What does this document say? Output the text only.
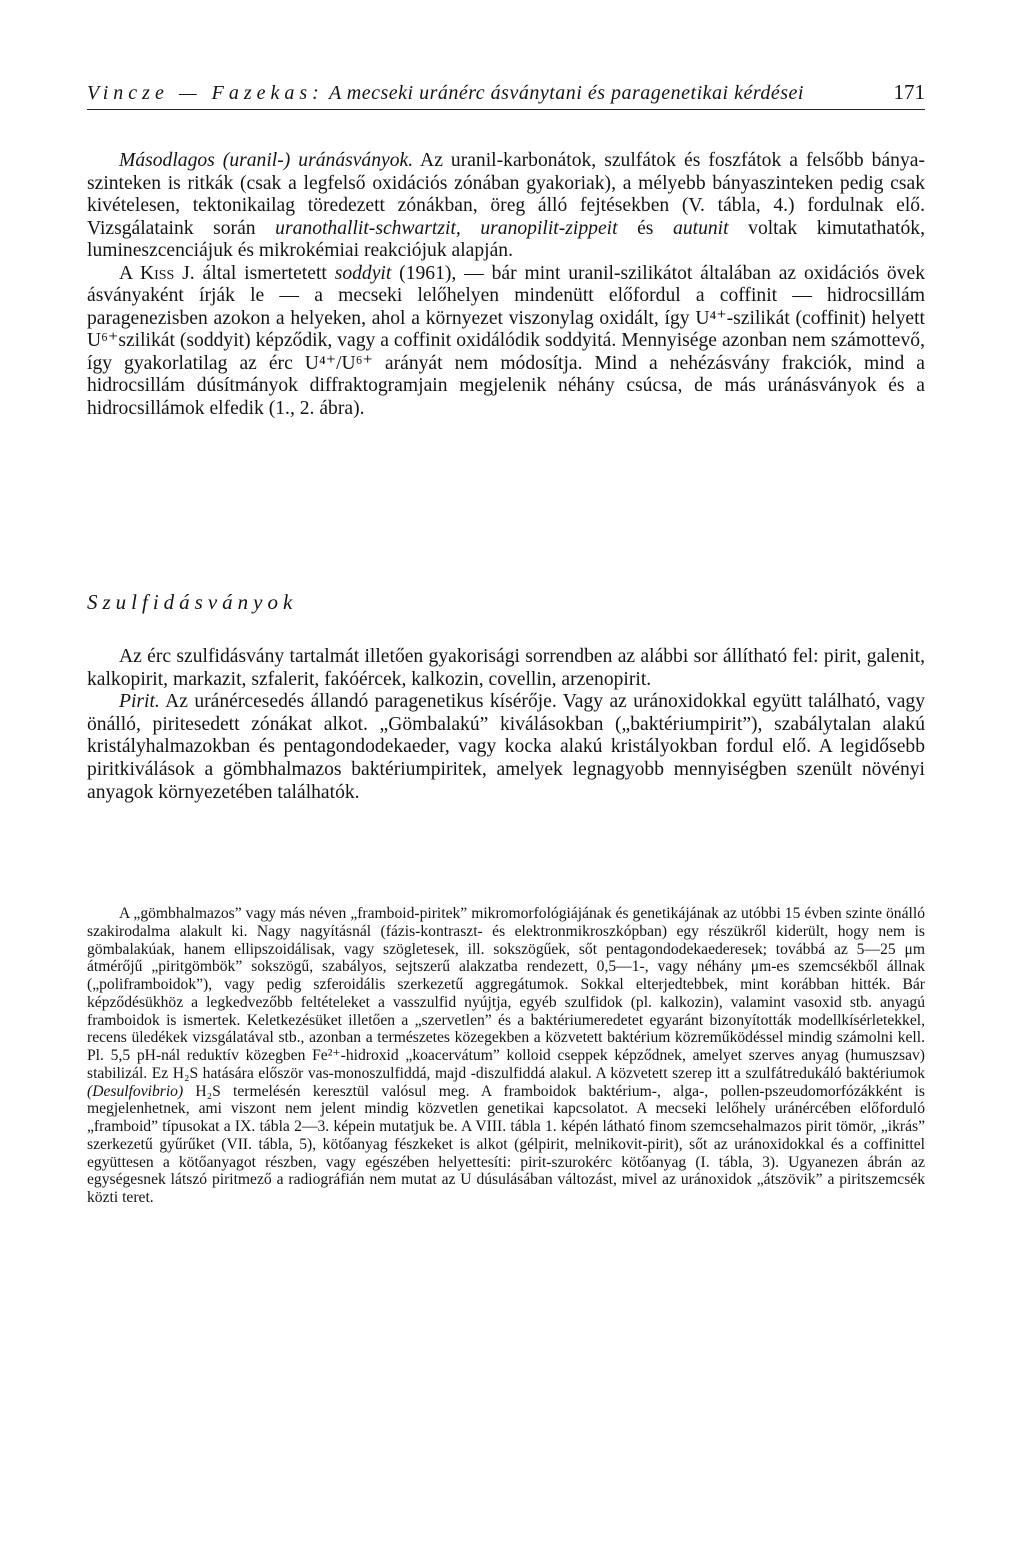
Vincze — Fazekas: A mecseki uránérc ásványtani és paragenetikai kérdései	171

Másodlagos (uranil-) uránásványok. Az uranil-karbonátok, szulfátok és foszfátok a felsőbb bánya-szinteken is ritkák (csak a legfelső oxidációs zónában gyakoriak), a mélyebb bányaszinteken pedig csak kivételesen, tektonikailag töredezett zónákban, öreg álló fejtésekben (V. tábla, 4.) fordulnak elő. Vizsgálataink során uranothallit-schwartzit, uranopilit-zippeit és autunit voltak kimutathatók, lumineszcenciájuk és mikrokémiai reakciójuk alapján.

A Kiss J. által ismertetett soddyit (1961), — bár mint uranil-szilikátot általában az oxidációs övek ásványaként írják le — a mecseki lelőhelyen mindenütt előfordul a coffinit — hidrocsillám paragenezisben azokon a helyeken, ahol a környezet viszonylag oxidált, így U⁴⁺-szilikát (coffinit) helyett U⁶⁺szilikát (soddyit) képződik, vagy a coffinit oxidálódik soddyitá. Mennyisége azonban nem számottevő, így gyakorlatilag az érc U⁴⁺/U⁶⁺ arányát nem módosítja. Mind a nehézásvány frakciók, mind a hidrocsillám dúsítmányok diffraktogramjain megjelenik néhány csúcsa, de más uránásványok és a hidrocsillámok elfedik (1., 2. ábra).

Szulfidásványok

Az érc szulfidásvány tartalmát illetően gyakorisági sorrendben az alábbi sor állítható fel: pirit, galenit, kalkopirit, markazit, szfalerit, fakóércek, kalkozin, covellin, arzenopirit.

Pirit. Az uránércesedés állandó paragenetikus kísérője. Vagy az uránoxidokkal együtt található, vagy önálló, piritesedett zónákat alkot. „Gömbalakú” kiválásokban („baktériumpirit”), szabálytalan alakú kristályhalmazokban és pentagondodekaeder, vagy kocka alakú kristályokban fordul elő. A legidősebb piritkiválások a gömbhalmazos baktériumpiritek, amelyek legnagyobb mennyiségben szenült növényi anyagok környezetében találhatók.

A „gömbhalmazos” vagy más néven „framboid-piritek” mikromorfológiájának és genetikájának az utóbbi 15 évben szinte önálló szakirodalma alakult ki. Nagy nagyításnál (fázis-kontraszt- és elektronmikroszkópban) egy részükről kiderült, hogy nem is gömbalakúak, hanem ellipszoidálisak, vagy szögletesek, ill. sokszögűek, sőt pentagondodekaederesek; továbbá az 5—25 μm átmérőjű „piritgömbök” sokszögű, szabályos, sejtszerű alakzatba rendezett, 0,5—1-, vagy néhány μm-es szemcsékből állnak („poliframboidok”), vagy pedig szferoidális szerkezetű aggregátumok. Sokkal elterjedtebbek, mint korábban hitték. Bár képződésükhöz a legkedvezőbb feltételeket a vasszulfid nyújtja, egyéb szulfidok (pl. kalkozin), valamint vasoxid stb. anyagú framboidok is ismertek. Keletkezésüket illetően a „szervetlen” és a baktériumeredetet egyaránt bizonyították modellkísérletekkel, recens üledékek vizsgálatával stb., azonban a természetes közegekben a közvetett baktérium közreműködéssel mindig számolni kell. Pl. 5,5 pH-nál reduktív közegben Fe²⁺-hidroxid „koacervátum” kolloid cseppek képződnek, amelyet szerves anyag (humuszsav) stabilizál. Ez H₂S hatására először vas-monoszulfiddá, majd -diszulfiddá alakul. A közvetett szerep itt a szulfátredukáló baktériumok (Desulfovibrio) H₂S termelésén keresztül valósul meg. A framboidok baktérium-, alga-, pollen-pszeudomorfózákként is megjelenhetnek, ami viszont nem jelent mindig közvetlen genetikai kapcsolatot. A mecseki lelőhely uránércében előforduló „framboid” típusokat a IX. tábla 2—3. képein mutatjuk be. A VIII. tábla 1. képén látható finom szemcsehalmazos pirit tömör, „ikrás” szerkezetű gyűrűket (VII. tábla, 5), kötőanyag fészkeket is alkot (gélpirit, melnikovit-pirit), sőt az uránoxidokkal és a coffinittel együttesen a kötőanyagot részben, vagy egészében helyettesíti: pirit-szurokérc kötőanyag (I. tábla, 3). Ugyanezen ábrán az egységesnek látszó piritmező a radiográfián nem mutat az U dúsulásában változást, mivel az uránoxidok „átszövik” a piritszemcsék közti teret.
